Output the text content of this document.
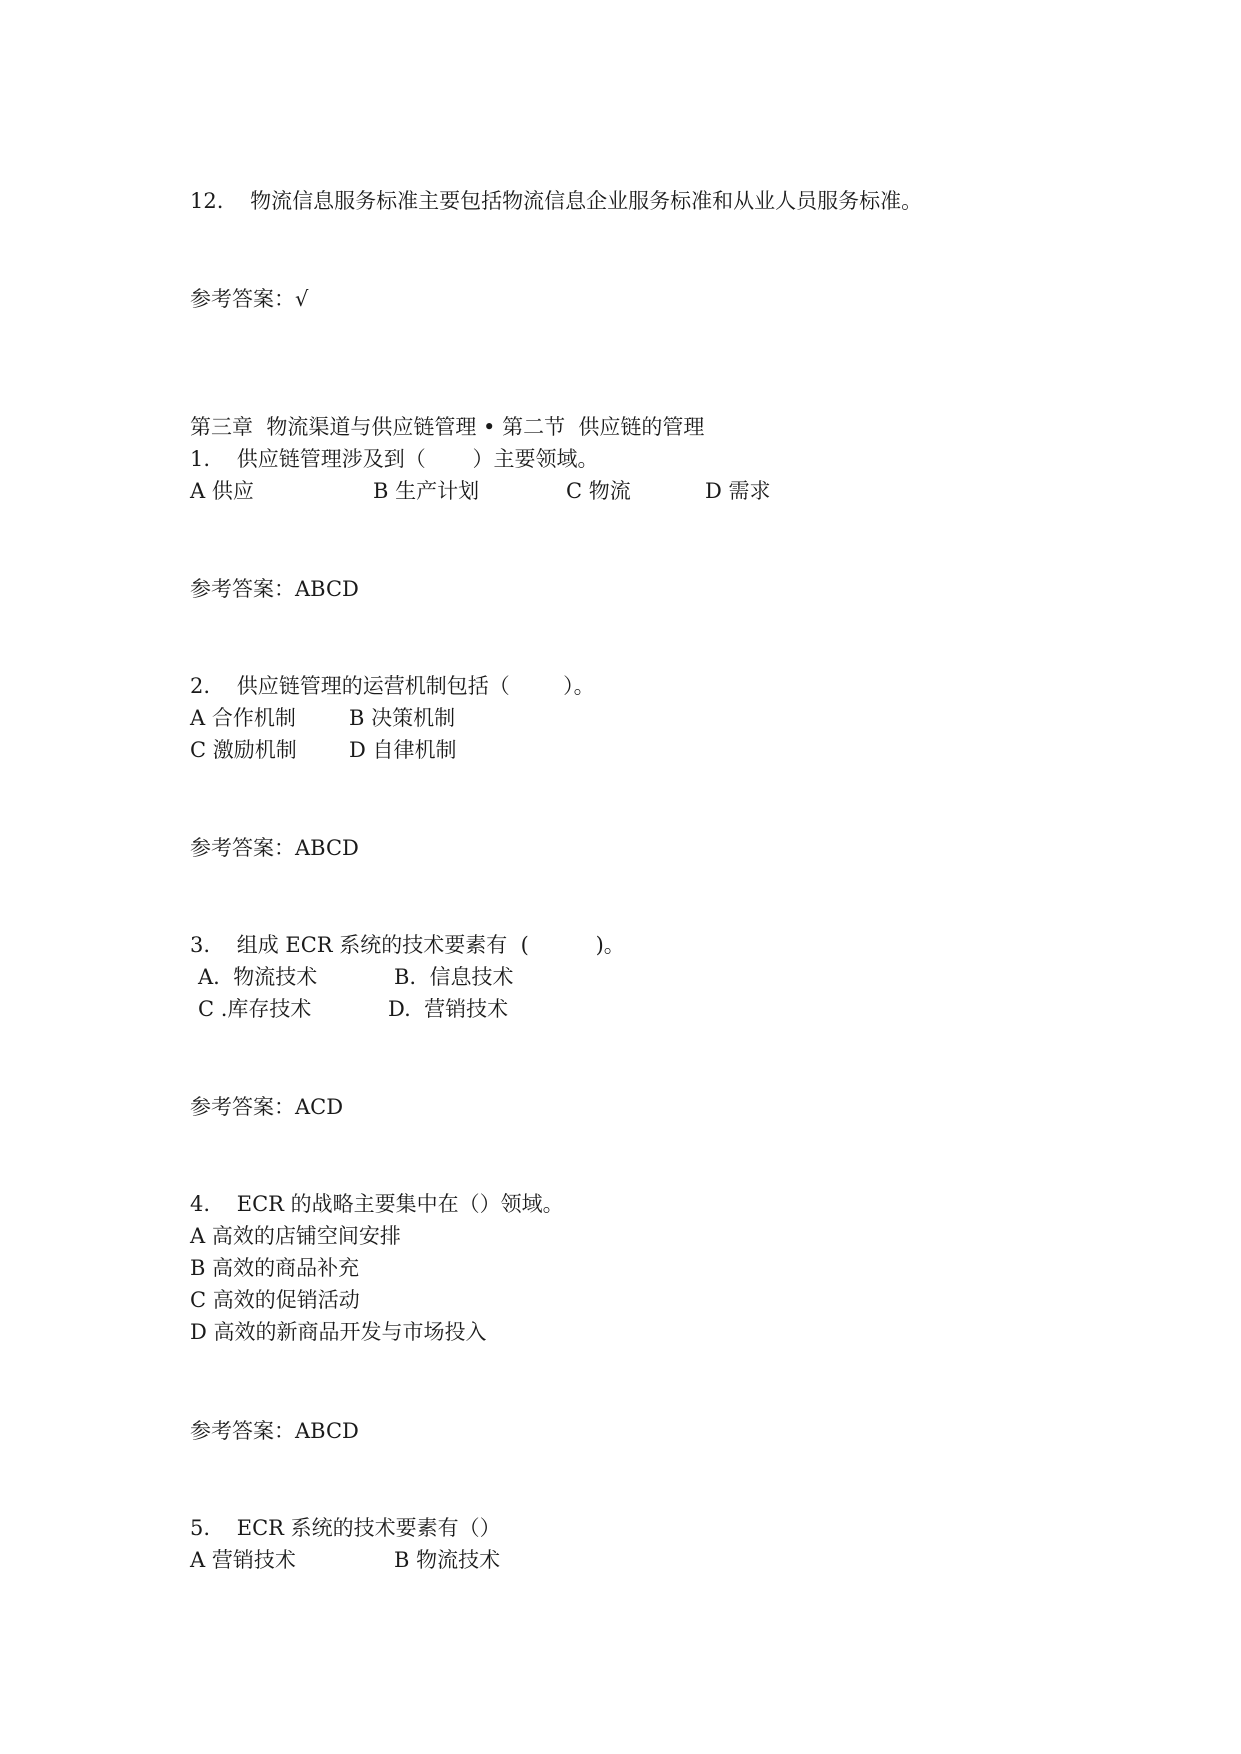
12.    物流信息服务标准主要包括物流信息企业服务标准和从业人员服务标准。
参考答案：√
第三章  物流渠道与供应链管理 • 第二节  供应链的管理
1.    供应链管理涉及到（       ）主要领域。
A 供应	B 生产计划	C 物流	D 需求
参考答案：ABCD
2.    供应链管理的运营机制包括（        ）。
A 合作机制	B 决策机制
C 激励机制 D 自律机制
参考答案：ABCD
3.    组成 ECR 系统的技术要素有  (          )。
A.  物流技术	B.  信息技术
C .库存技术	D.  营销技术
参考答案：ACD
4.    ECR 的战略主要集中在（）领域。
A 高效的店铺空间安排
B 高效的商品补充
C 高效的促销活动
D 高效的新商品开发与市场投入
参考答案：ABCD
5.    ECR 系统的技术要素有（）
A 营销技术	B 物流技术
